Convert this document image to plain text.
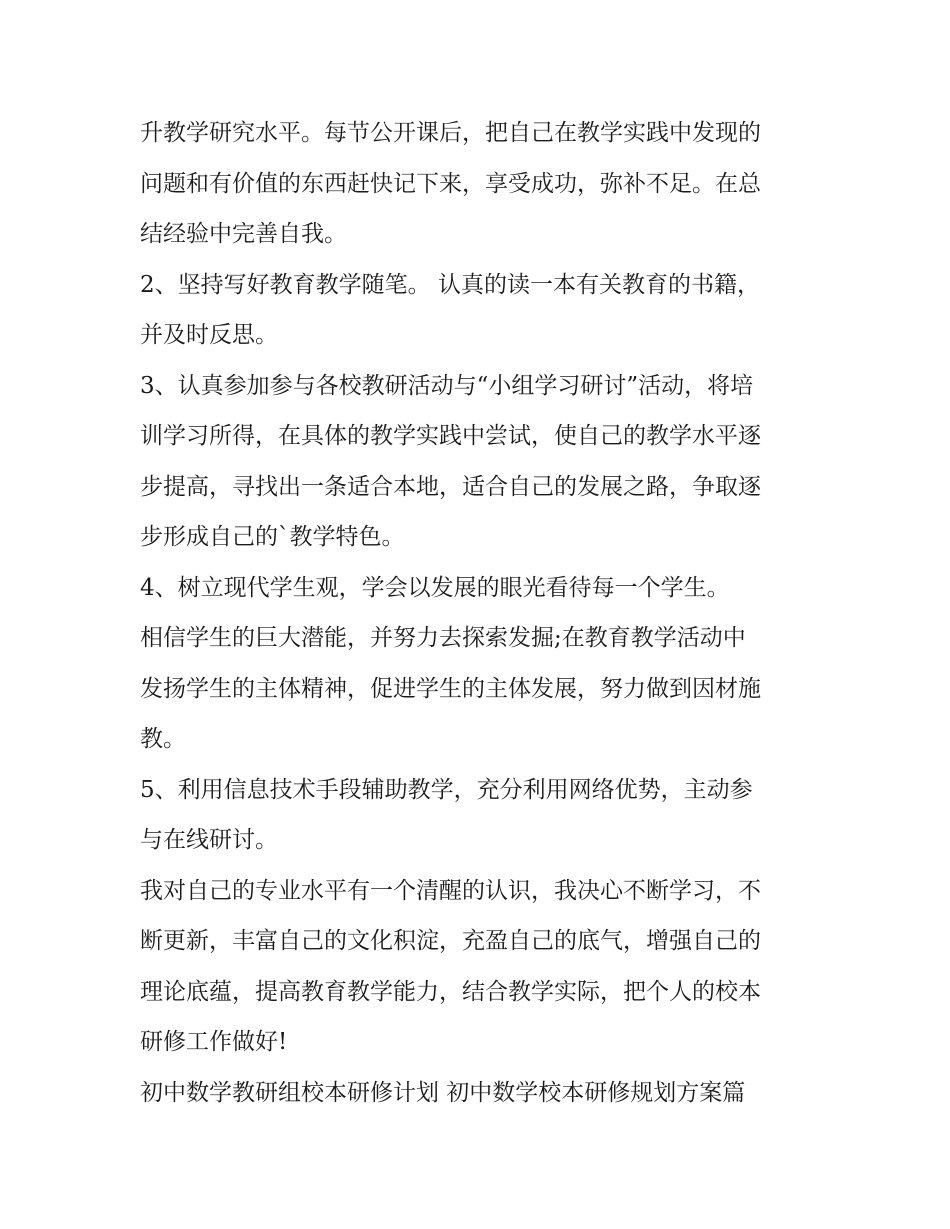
升教学研究水平。每节公开课后，把自己在教学实践中发现的
问题和有价值的东西赶快记下来，享受成功，弥补不足。在总
结经验中完善自我。
2、坚持写好教育教学随笔。 认真的读一本有关教育的书籍，
并及时反思。
3、认真参加参与各校教研活动与“小组学习研讨”活动，将培
训学习所得，在具体的教学实践中尝试，使自己的教学水平逐
步提高，寻找出一条适合本地，适合自己的发展之路，争取逐
步形成自己的`教学特色。
4、树立现代学生观，学会以发展的眼光看待每一个学生。
相信学生的巨大潜能，并努力去探索发掘;在教育教学活动中
发扬学生的主体精神，促进学生的主体发展，努力做到因材施
教。
5、利用信息技术手段辅助教学，充分利用网络优势，主动参
与在线研讨。
我对自己的专业水平有一个清醒的认识，我决心不断学习，不
断更新，丰富自己的文化积淀，充盈自己的底气，增强自己的
理论底蕴，提高教育教学能力，结合教学实际，把个人的校本
研修工作做好!
初中数学教研组校本研修计划 初中数学校本研修规划方案篇
